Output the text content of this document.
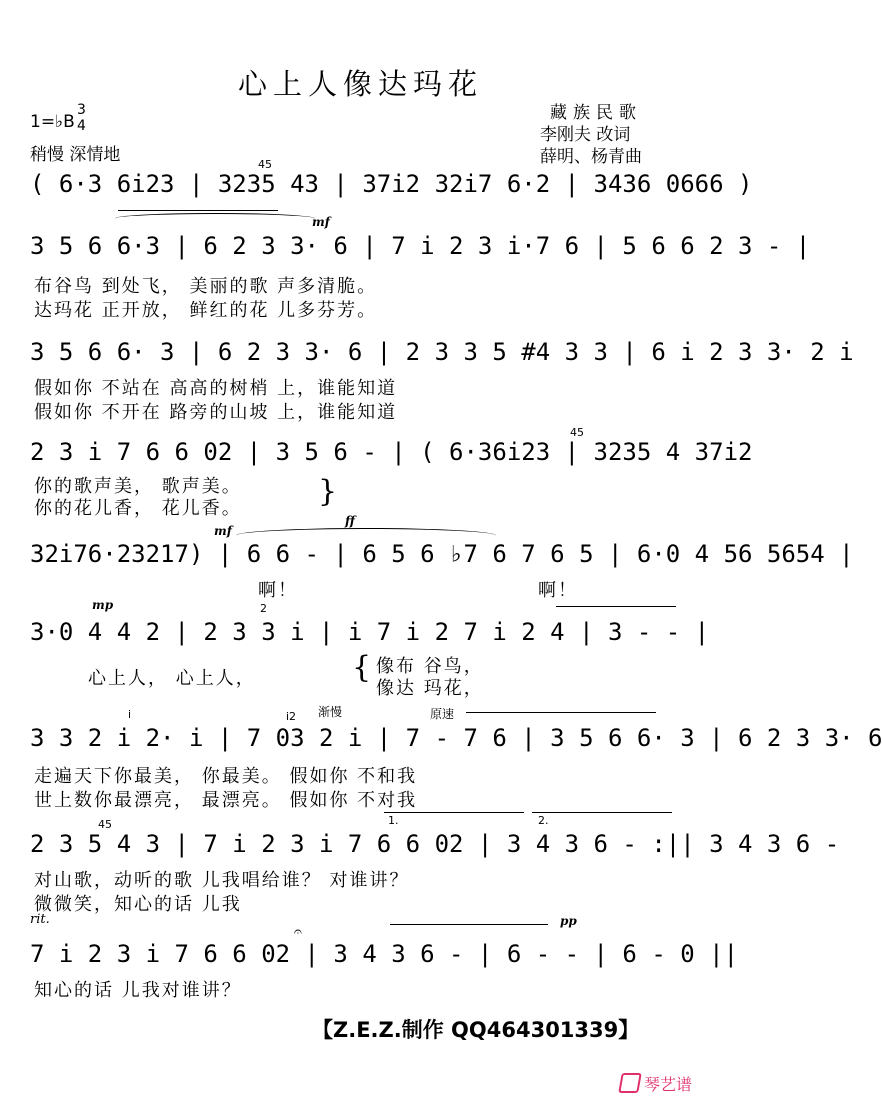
心上人像达玛花
1=♭B
3
4
稍慢 深情地
藏族民歌
李刚夫 改词
薛明、杨青曲
( 6·3 6i23 | 3235 43 | 37i2 32i7 6·2 | 3436 0666 )
45
mf
3 5 6 6·3 | 6 2 3 3· 6 | 7 i 2 3 i·7 6 | 5 6 6 2 3 - |
布谷鸟 到处飞， 美丽的歌 声多清脆。
达玛花 正开放， 鲜红的花 儿多芬芳。
3 5 6 6· 3 | 6 2 3 3· 6 | 2 3 3 5 #4 3 3 | 6 i 2 3 3· 2 i
假如你 不站在 高高的树梢 上，谁能知道
假如你 不开在 路旁的山坡 上，谁能知道
2 3 i 7 6 6 02 | 3 5 6 - | ( 6·36i23 | 3235 4 37i2
45
你的歌声美， 歌声美。
你的花儿香， 花儿香。	}
mf
ff
32i76·23217) | 6 6 - | 6 5 6 ♭7 6 7 6 5 | 6·0 4 56 5654 |
啊！	啊！
mp	2
3·0 4 4 2 | 2 3 3 i | i 7 i 2 7 i 2 4 | 3 - - |
心上人， 心上人，	{ 像布 谷鸟，
像达 玛花，
i	i2 渐慢	原速
3 3 2 i 2· i | 7 03 2 i | 7 - 7 6 | 3 5 6 6· 3 | 6 2 3 3· 6
走遍天下你最美， 你最美。 假如你 不和我
世上数你最漂亮， 最漂亮。 假如你 不对我
45	1.	2.
2 3 5 4 3 | 7 i 2 3 i 7 6 6 02 | 3 4 3 6 - :|| 3 4 3 6 -
对山歌，动听的歌 儿我唱给谁？ 对谁讲？
微微笑，知心的话 儿我
rit.	pp
𝄐
7 i 2 3 i 7 6 6 02 | 3 4 3 6 - | 6 - - | 6 - 0 ||
知心的话 儿我对谁讲？
【Z.E.Z.制作 QQ464301339】
琴艺谱
